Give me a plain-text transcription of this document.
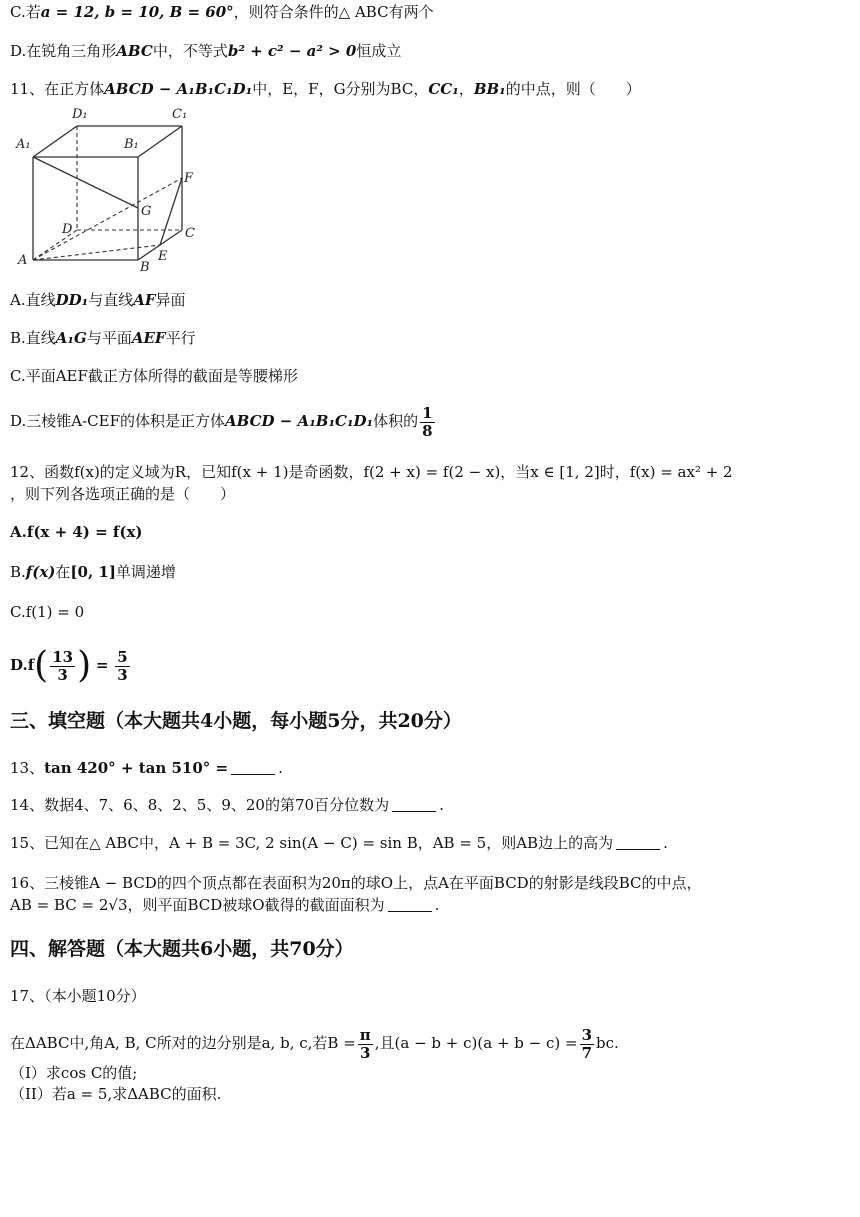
C.若a = 12, b = 10, B = 60°，则符合条件的△ ABC有两个
D.在锐角三角形ABC中，不等式b² + c² − a² > 0恒成立
11、在正方体ABCD − A₁B₁C₁D₁中，E，F，G分别为BC，CC₁，BB₁的中点，则（　　）
D₁	C₁
A₁	B₁
F
G
D	C
A	B
E
A.直线DD₁与直线AF异面
B.直线A₁G与平面AEF平行
C.平面AEF截正方体所得的截面是等腰梯形
D.三棱锥A-CEF的体积是正方体ABCD − A₁B₁C₁D₁体积的 $\frac{1}{8}$
12、函数f(x)的定义域为R，已知f(x + 1)是奇函数，f(2 + x) = f(2 − x)，当x ∈ [1, 2]时，f(x) = ax² + 2
，则下列各选项正确的是（　　）
A.f(x + 4) = f(x)
B.f(x)在[0, 1]单调递增
C.f(1) = 0
$D.f( \frac{13}{3}$ ) = $\frac{5}{3}$
三、填空题（本大题共4小题，每小题5分，共20分）
13、tan 420° + tan 510° =	.
14、数据4、7、6、8、2、5、9、20的第70百分位数为	.
15、已知在△ ABC中，A + B = 3C, 2 sin(A − C) = sin B，AB = 5，则AB边上的高为	.
16、三棱锥A − BCD的四个顶点都在表面积为20π的球O上，点A在平面BCD的射影是线段BC的中点，
AB = BC = 2√3，则平面BCD被球O截得的截面面积为	.
四、解答题（本大题共6小题，共70分）
17、（本小题10分）
在ΔABC中,角A, B, C所对的边分别是a, b, c,若$B = \frac{\pi}{3}$ ,且$(a - b + c)(a + b - c) = \frac{3}{7}$ bc.
（I）求cos C的值;
（II）若a = 5,求ΔABC的面积.
